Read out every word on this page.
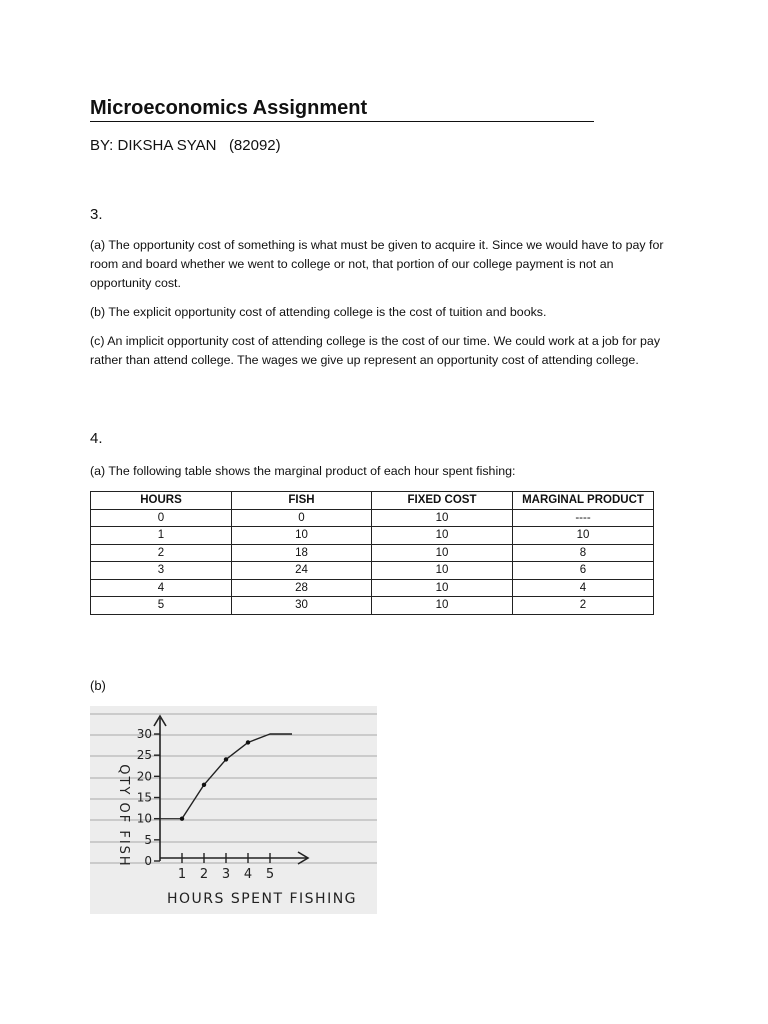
Microeconomics Assignment
BY: DIKSHA SYAN   (82092)
3.

(a) The opportunity cost of something is what must be given to acquire it. Since we would have to pay for room and board whether we went to college or not, that portion of our college payment is not an opportunity cost.

(b) The explicit opportunity cost of attending college is the cost of tuition and books.

(c) An implicit opportunity cost of attending college is the cost of our time. We could work at a job for pay rather than attend college. The wages we give up represent an opportunity cost of attending college.

4.

(a) The following table shows the marginal product of each hour spent fishing:

HOURS	FISH	FIXED COST	MARGINAL PRODUCT
0	0	10	----
1	10	10	10
2	18	10	8
3	24	10	6
4	28	10	4
5	30	10	2
(b)
0
5
10
15
20
25
30
1 2 3 4 5
QTY OF FISH
HOURS SPENT FISHING
